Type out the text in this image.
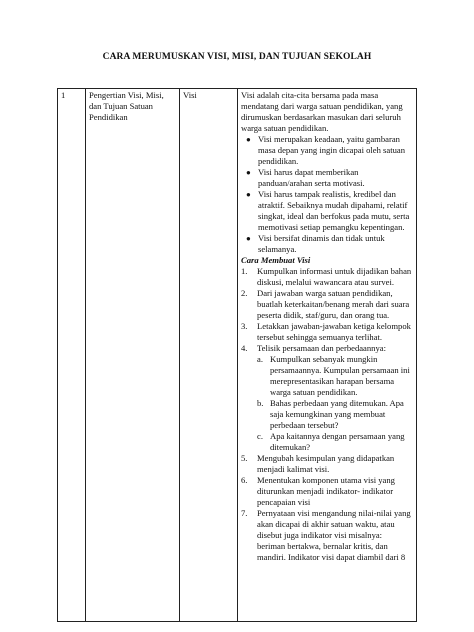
CARA MERUMUSKAN VISI, MISI, DAN TUJUAN SEKOLAH
1	Pengertian Visi, Misi, dan Tujuan Satuan Pendidikan	Visi	Visi adalah cita-cita bersama pada masa mendatang dari warga satuan pendidikan, yang dirumuskan berdasarkan masukan dari seluruh warga satuan pendidikan.
● Visi merupakan keadaan, yaitu gambaran masa depan yang ingin dicapai oleh satuan pendidikan.
● Visi harus dapat memberikan panduan/arahan serta motivasi.
● Visi harus tampak realistis, kredibel dan atraktif. Sebaiknya mudah dipahami, relatif singkat, ideal dan berfokus pada mutu, serta memotivasi setiap pemangku kepentingan.
● Visi bersifat dinamis dan tidak untuk selamanya.
Cara Membuat Visi
1. Kumpulkan informasi untuk dijadikan bahan diskusi, melalui wawancara atau survei.
2. Dari jawaban warga satuan pendidikan, buatlah keterkaitan/benang merah dari suara peserta didik, staf/guru, dan orang tua.
3. Letakkan jawaban-jawaban ketiga kelompok tersebut sehingga semuanya terlihat.
4. Telisik persamaan dan perbedaannya:
a. Kumpulkan sebanyak mungkin persamaannya. Kumpulan persamaan ini merepresentasikan harapan bersama warga satuan pendidikan.
b. Bahas perbedaan yang ditemukan. Apa saja kemungkinan yang membuat perbedaan tersebut?
c. Apa kaitannya dengan persamaan yang ditemukan?
5. Mengubah kesimpulan yang didapatkan menjadi kalimat visi.
6. Menentukan komponen utama visi yang diturunkan menjadi indikator- indikator pencapaian visi
7. Pernyataan visi mengandung nilai-nilai yang akan dicapai di akhir satuan waktu, atau disebut juga indikator visi misalnya: beriman bertakwa, bernalar kritis, dan mandiri. Indikator visi dapat diambil dari 8
